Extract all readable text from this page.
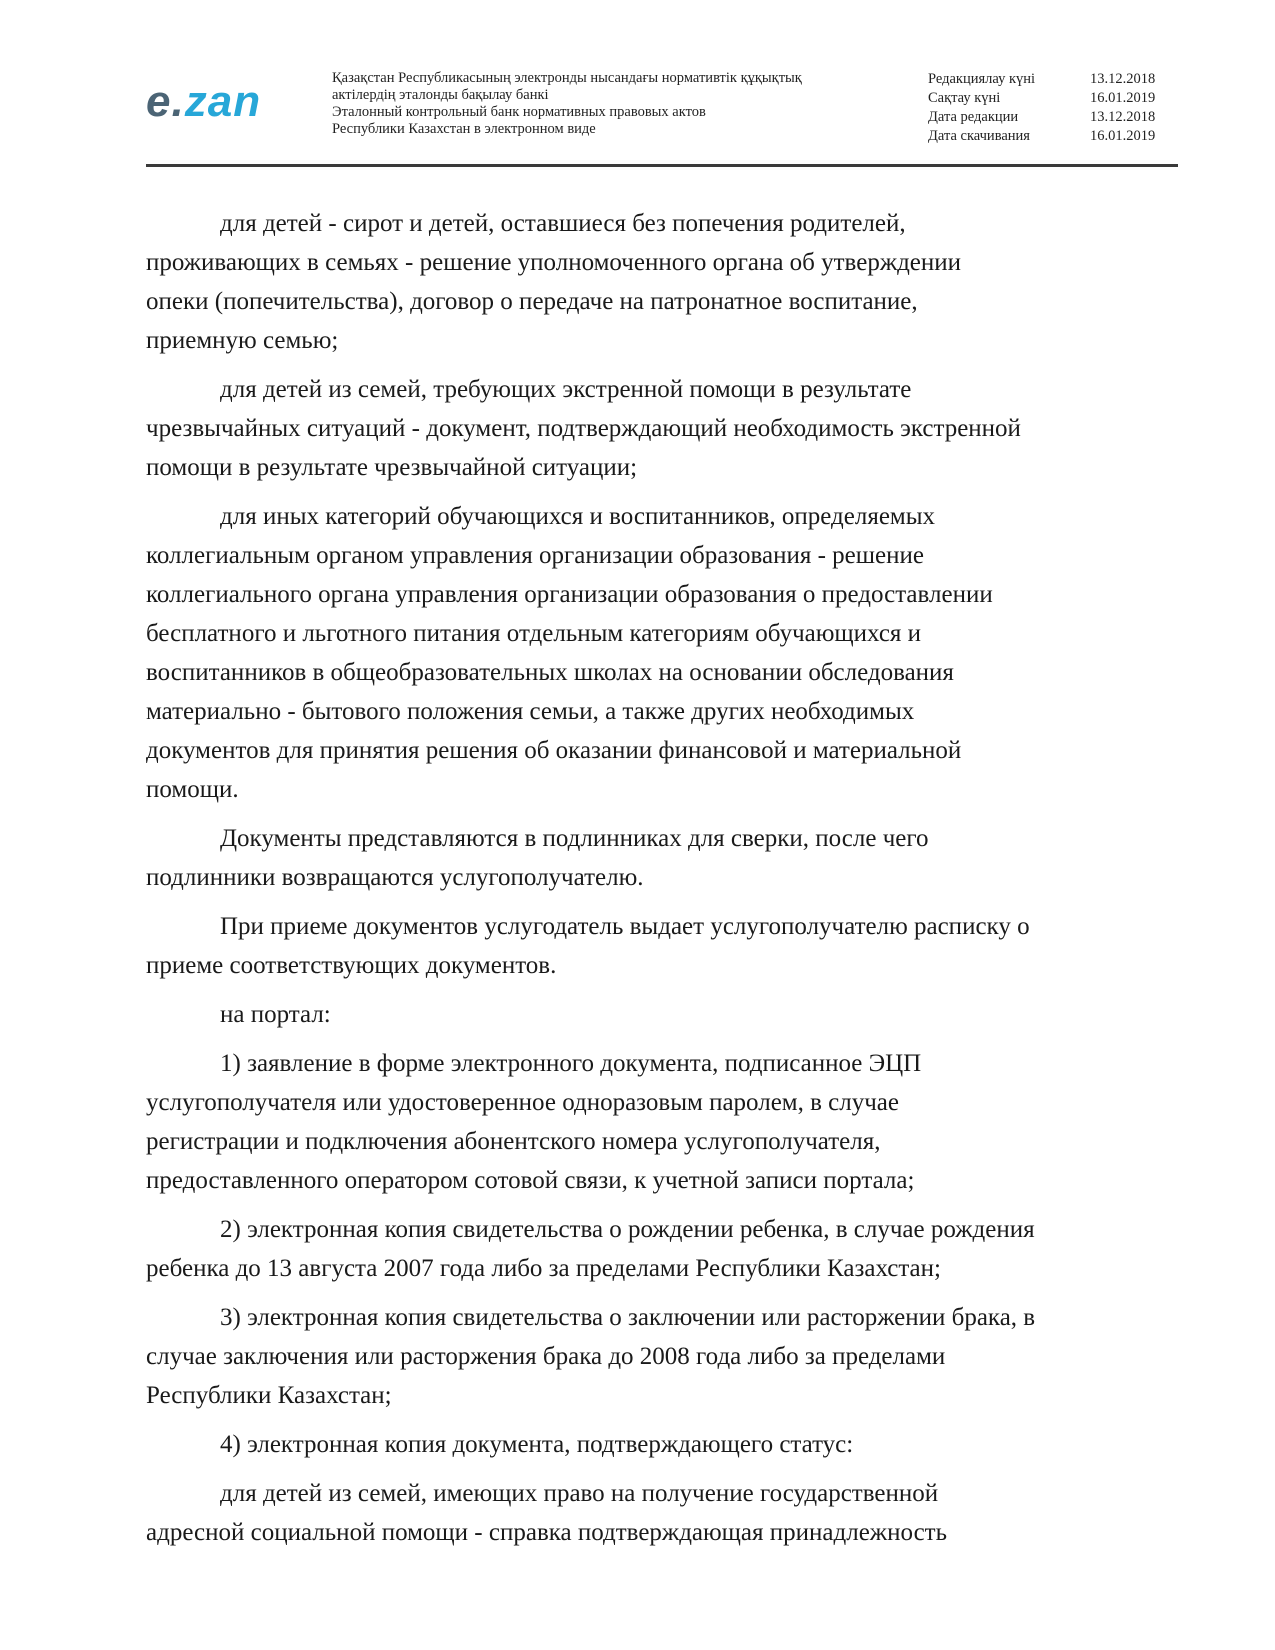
e.zan	Қазақстан Республикасының электронды нысандағы нормативтік құқықтық
актілердің эталонды бақылау банкі
Эталонный контрольный банк нормативных правовых актов
Республики Казахстан в электронном виде
Редакциялау күні	13.12.2018
Сақтау күні	16.01.2019
Дата редакции	13.12.2018
Дата скачивания	16.01.2019
для детей - сирот и детей, оставшиеся без попечения родителей,
проживающих в семьях - решение уполномоченного органа об утверждении
опеки (попечительства), договор о передаче на патронатное воспитание,
приемную семью;
для детей из семей, требующих экстренной помощи в результате
чрезвычайных ситуаций - документ, подтверждающий необходимость экстренной
помощи в результате чрезвычайной ситуации;
для иных категорий обучающихся и воспитанников, определяемых
коллегиальным органом управления организации образования - решение
коллегиального органа управления организации образования о предоставлении
бесплатного и льготного питания отдельным категориям обучающихся и
воспитанников в общеобразовательных школах на основании обследования
материально - бытового положения семьи, а также других необходимых
документов для принятия решения об оказании финансовой и материальной
помощи.
Документы представляются в подлинниках для сверки, после чего
подлинники возвращаются услугополучателю.
При приеме документов услугодатель выдает услугополучателю расписку о
приеме соответствующих документов.
на портал:
1) заявление в форме электронного документа, подписанное ЭЦП
услугополучателя или удостоверенное одноразовым паролем, в случае
регистрации и подключения абонентского номера услугополучателя,
предоставленного оператором сотовой связи, к учетной записи портала;
2) электронная копия свидетельства о рождении ребенка, в случае рождения
ребенка до 13 августа 2007 года либо за пределами Республики Казахстан;
3) электронная копия свидетельства о заключении или расторжении брака, в
случае заключения или расторжения брака до 2008 года либо за пределами
Республики Казахстан;
4) электронная копия документа, подтверждающего статус:
для детей из семей, имеющих право на получение государственной
адресной социальной помощи - справка подтверждающая принадлежность
